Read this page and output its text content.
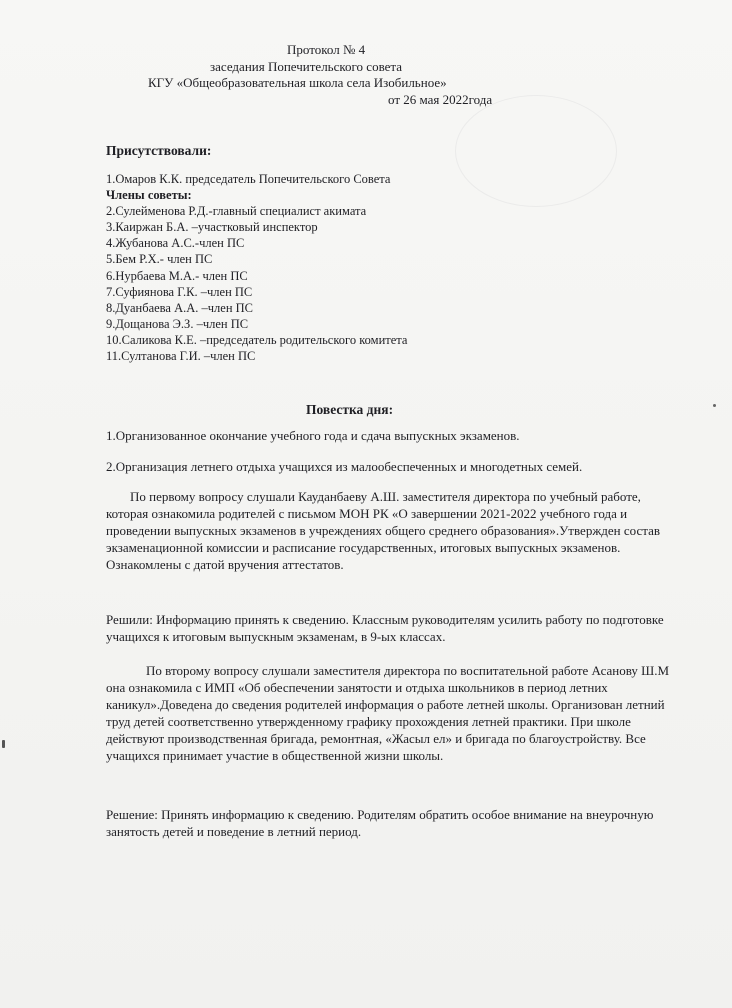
Протокол № 4
заседания Попечительского совета
КГУ «Общеобразовательная школа села Изобильное»
от 26 мая 2022года
Присутствовали:
1.Омаров К.К. председатель Попечительского Совета
Члены советы:
2.Сулейменова Р.Д.-главный специалист акимата
3.Каиржан Б.А. –участковый инспектор
4.Жубанова А.С.-член ПС
5.Бем Р.Х.- член ПС
6.Нурбаева М.А.- член ПС
7.Суфиянова Г.К. –член ПС
8.Дуанбаева А.А. –член ПС
9.Дощанова Э.З. –член ПС
10.Саликова К.Е. –председатель родительского комитета
11.Султанова Г.И. –член ПС
Повестка дня:

1.Организованное окончание учебного года и сдача выпускных экзаменов.

2.Организация летнего отдыха учащихся из малообеспеченных и многодетных семей.

По первому вопросу слушали Кауданбаеву А.Ш. заместителя директора по учебный работе, которая ознакомила родителей с письмом МОН РК «О завершении 2021-2022 учебного года и проведении выпускных экзаменов в учреждениях общего среднего образования».Утвержден состав экзаменационной комиссии и расписание государственных, итоговых выпускных экзаменов. Ознакомлены с датой вручения аттестатов.

Решили: Информацию принять к сведению. Классным руководителям усилить работу по подготовке учащихся к итоговым выпускным экзаменам, в 9-ых классах.

По второму вопросу слушали заместителя директора по воспитательной работе Асанову Ш.М она ознакомила с ИМП «Об обеспечении занятости и отдыха школьников в период летних каникул».Доведена до сведения родителей информация о работе летней школы. Организован летний труд детей соответственно утвержденному графику прохождения летней практики. При школе действуют производственная бригада, ремонтная, «Жасыл ел» и бригада по благоустройству. Все учащихся принимает участие в общественной жизни школы.

Решение: Принять информацию к сведению. Родителям обратить особое внимание на внеурочную занятость детей и поведение в летний период.
